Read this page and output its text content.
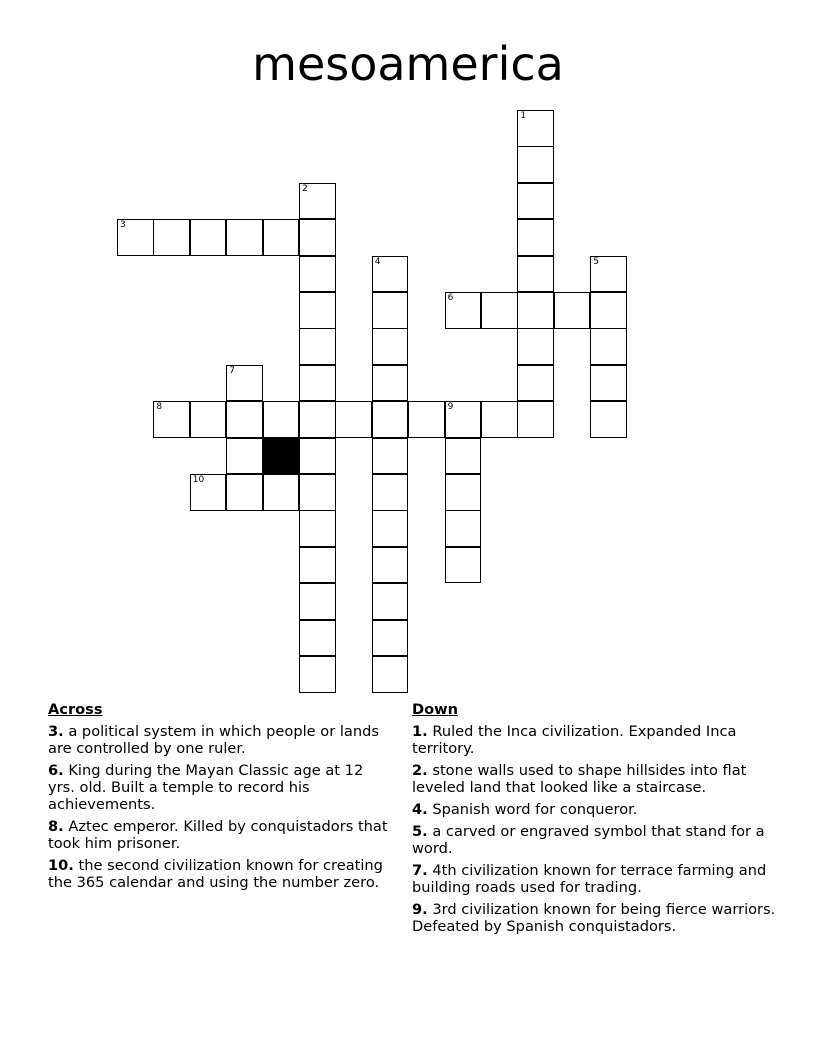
mesoamerica
1
2
3
4	5
6
7
8	9
10
Across
3. a political system in which people or lands are controlled by one ruler.
6. King during the Mayan Classic age at 12 yrs. old. Built a temple to record his achievements.
8. Aztec emperor. Killed by conquistadors that took him prisoner.
10. the second civilization known for creating the 365 calendar and using the number zero.
Down
1. Ruled the Inca civilization. Expanded Inca territory.
2. stone walls used to shape hillsides into flat leveled land that looked like a staircase.
4. Spanish word for conqueror.
5. a carved or engraved symbol that stand for a word.
7. 4th civilization known for terrace farming and building roads used for trading.
9. 3rd civilization known for being fierce warriors. Defeated by Spanish conquistadors.
